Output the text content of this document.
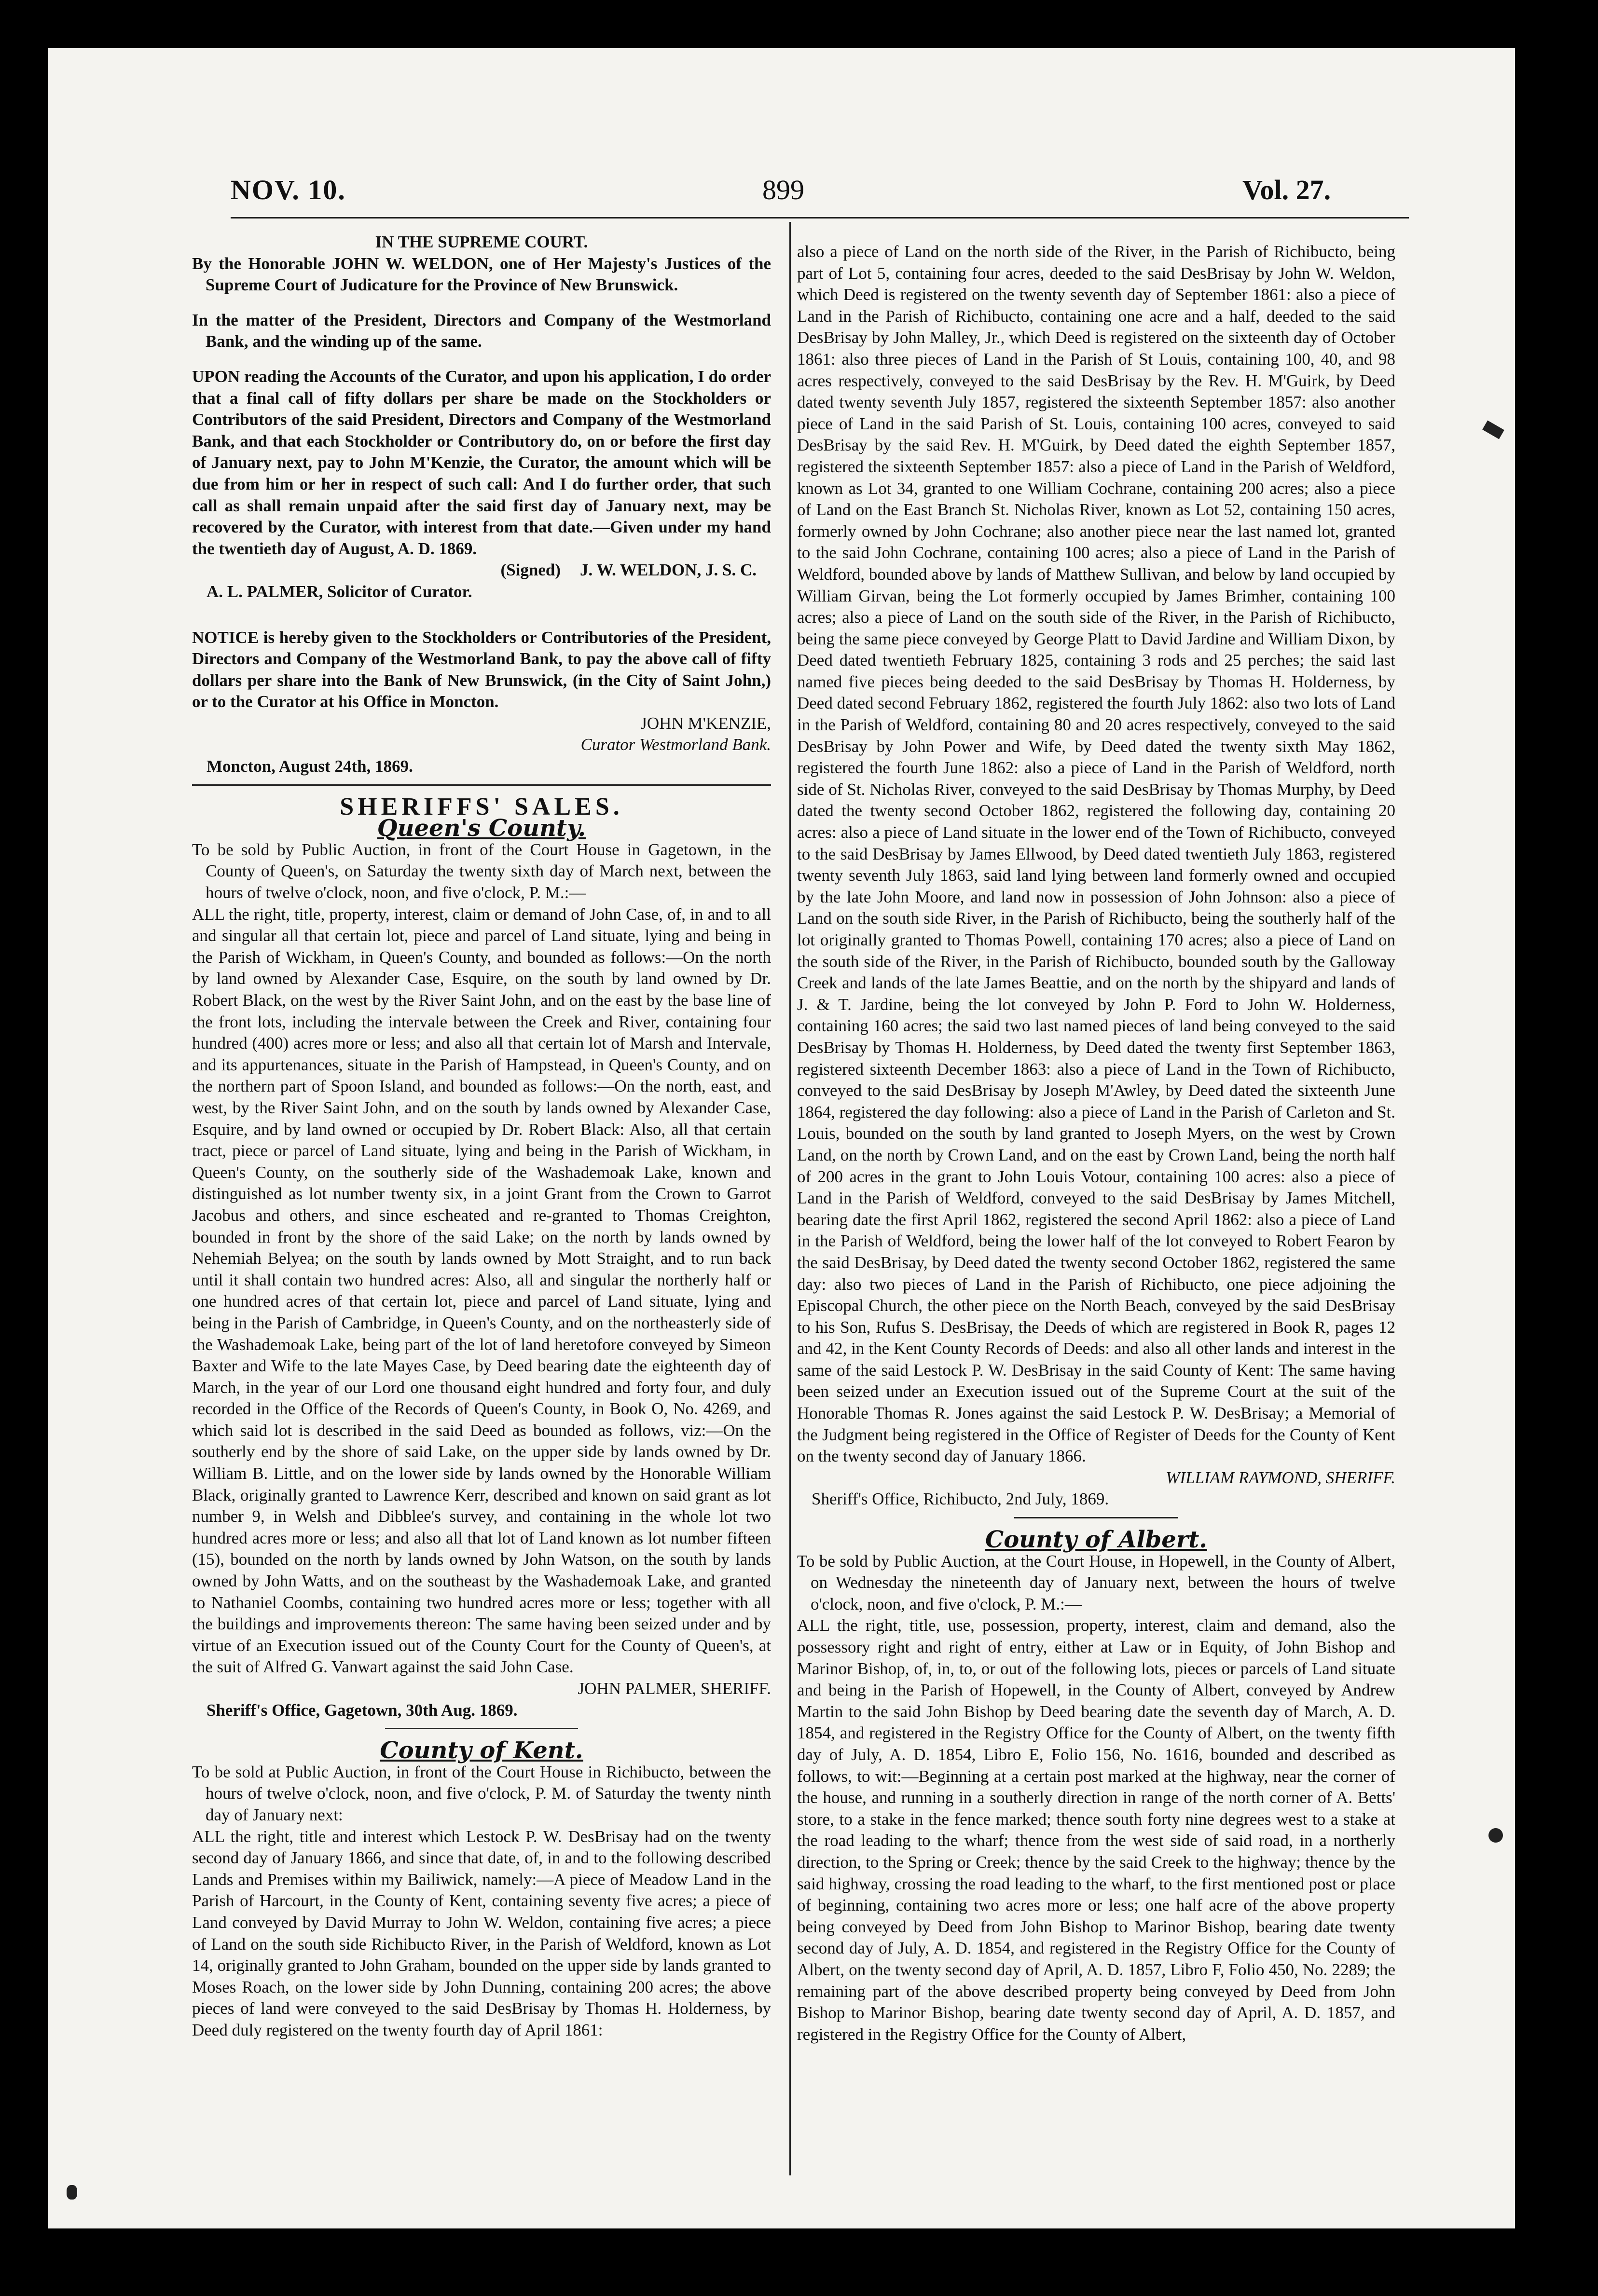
NOV. 10.	899	Vol. 27.

IN THE SUPREME COURT.

By the Honorable JOHN W. WELDON, one of Her Majesty's Justices of the Supreme Court of Judicature for the Province of New Brunswick.

In the matter of the President, Directors and Company of the Westmorland Bank, and the winding up of the same.

UPON reading the Accounts of the Curator, and upon his application, I do order that a final call of fifty dollars per share be made on the Stockholders or Contributors of the said President, Directors and Company of the Westmorland Bank, and that each Stockholder or Contributory do, on or before the first day of January next, pay to John M'Kenzie, the Curator, the amount which will be due from him or her in respect of such call: And I do further order, that such call as shall remain unpaid after the said first day of January next, may be recovered by the Curator, with interest from that date.—Given under my hand the twentieth day of August, A. D. 1869.

(Signed) J. W. WELDON, J. S. C.

A. L. PALMER, Solicitor of Curator.

NOTICE is hereby given to the Stockholders or Contributories of the President, Directors and Company of the Westmorland Bank, to pay the above call of fifty dollars per share into the Bank of New Brunswick, (in the City of Saint John,) or to the Curator at his Office in Moncton.

JOHN M'KENZIE,

Curator Westmorland Bank.

Moncton, August 24th, 1869.

SHERIFFS' SALES.

Queen's County.

To be sold by Public Auction, in front of the Court House in Gagetown, in the County of Queen's, on Saturday the twenty sixth day of March next, between the hours of twelve o'clock, noon, and five o'clock, P. M.:—

ALL the right, title, property, interest, claim or demand of John Case, of, in and to all and singular all that certain lot, piece and parcel of Land situate, lying and being in the Parish of Wickham, in Queen's County, and bounded as follows:—On the north by land owned by Alexander Case, Esquire, on the south by land owned by Dr. Robert Black, on the west by the River Saint John, and on the east by the base line of the front lots, including the intervale between the Creek and River, containing four hundred (400) acres more or less; and also all that certain lot of Marsh and Intervale, and its appurtenances, situate in the Parish of Hampstead, in Queen's County, and on the northern part of Spoon Island, and bounded as follows:—On the north, east, and west, by the River Saint John, and on the south by lands owned by Alexander Case, Esquire, and by land owned or occupied by Dr. Robert Black: Also, all that certain tract, piece or parcel of Land situate, lying and being in the Parish of Wickham, in Queen's County, on the southerly side of the Washademoak Lake, known and distinguished as lot number twenty six, in a joint Grant from the Crown to Garrot Jacobus and others, and since escheated and re-granted to Thomas Creighton, bounded in front by the shore of the said Lake; on the north by lands owned by Nehemiah Belyea; on the south by lands owned by Mott Straight, and to run back until it shall contain two hundred acres: Also, all and singular the northerly half or one hundred acres of that certain lot, piece and parcel of Land situate, lying and being in the Parish of Cambridge, in Queen's County, and on the northeasterly side of the Washademoak Lake, being part of the lot of land heretofore conveyed by Simeon Baxter and Wife to the late Mayes Case, by Deed bearing date the eighteenth day of March, in the year of our Lord one thousand eight hundred and forty four, and duly recorded in the Office of the Records of Queen's County, in Book O, No. 4269, and which said lot is described in the said Deed as bounded as follows, viz:—On the southerly end by the shore of said Lake, on the upper side by lands owned by Dr. William B. Little, and on the lower side by lands owned by the Honorable William Black, originally granted to Lawrence Kerr, described and known on said grant as lot number 9, in Welsh and Dibblee's survey, and containing in the whole lot two hundred acres more or less; and also all that lot of Land known as lot number fifteen (15), bounded on the north by lands owned by John Watson, on the south by lands owned by John Watts, and on the southeast by the Washademoak Lake, and granted to Nathaniel Coombs, containing two hundred acres more or less; together with all the buildings and improvements thereon: The same having been seized under and by virtue of an Execution issued out of the County Court for the County of Queen's, at the suit of Alfred G. Vanwart against the said John Case.

JOHN PALMER, SHERIFF.

Sheriff's Office, Gagetown, 30th Aug. 1869.

County of Kent.

To be sold at Public Auction, in front of the Court House in Richibucto, between the hours of twelve o'clock, noon, and five o'clock, P. M. of Saturday the twenty ninth day of January next:

ALL the right, title and interest which Lestock P. W. DesBrisay had on the twenty second day of January 1866, and since that date, of, in and to the following described Lands and Premises within my Bailiwick, namely:—A piece of Meadow Land in the Parish of Harcourt, in the County of Kent, containing seventy five acres; a piece of Land conveyed by David Murray to John W. Weldon, containing five acres; a piece of Land on the south side Richibucto River, in the Parish of Weldford, known as Lot 14, originally granted to John Graham, bounded on the upper side by lands granted to Moses Roach, on the lower side by John Dunning, containing 200 acres; the above pieces of land were conveyed to the said DesBrisay by Thomas H. Holderness, by Deed duly registered on the twenty fourth day of April 1861:

also a piece of Land on the north side of the River, in the Parish of Richibucto, being part of Lot 5, containing four acres, deeded to the said DesBrisay by John W. Weldon, which Deed is registered on the twenty seventh day of September 1861: also a piece of Land in the Parish of Richibucto, containing one acre and a half, deeded to the said DesBrisay by John Malley, Jr., which Deed is registered on the sixteenth day of October 1861: also three pieces of Land in the Parish of St Louis, containing 100, 40, and 98 acres respectively, conveyed to the said DesBrisay by the Rev. H. M'Guirk, by Deed dated twenty seventh July 1857, registered the sixteenth September 1857: also another piece of Land in the said Parish of St. Louis, containing 100 acres, conveyed to said DesBrisay by the said Rev. H. M'Guirk, by Deed dated the eighth September 1857, registered the sixteenth September 1857: also a piece of Land in the Parish of Weldford, known as Lot 34, granted to one William Cochrane, containing 200 acres; also a piece of Land on the East Branch St. Nicholas River, known as Lot 52, containing 150 acres, formerly owned by John Cochrane; also another piece near the last named lot, granted to the said John Cochrane, containing 100 acres; also a piece of Land in the Parish of Weldford, bounded above by lands of Matthew Sullivan, and below by land occupied by William Girvan, being the Lot formerly occupied by James Brimher, containing 100 acres; also a piece of Land on the south side of the River, in the Parish of Richibucto, being the same piece conveyed by George Platt to David Jardine and William Dixon, by Deed dated twentieth February 1825, containing 3 rods and 25 perches; the said last named five pieces being deeded to the said DesBrisay by Thomas H. Holderness, by Deed dated second February 1862, registered the fourth July 1862: also two lots of Land in the Parish of Weldford, containing 80 and 20 acres respectively, conveyed to the said DesBrisay by John Power and Wife, by Deed dated the twenty sixth May 1862, registered the fourth June 1862: also a piece of Land in the Parish of Weldford, north side of St. Nicholas River, conveyed to the said DesBrisay by Thomas Murphy, by Deed dated the twenty second October 1862, registered the following day, containing 20 acres: also a piece of Land situate in the lower end of the Town of Richibucto, conveyed to the said DesBrisay by James Ellwood, by Deed dated twentieth July 1863, registered twenty seventh July 1863, said land lying between land formerly owned and occupied by the late John Moore, and land now in possession of John Johnson: also a piece of Land on the south side River, in the Parish of Richibucto, being the southerly half of the lot originally granted to Thomas Powell, containing 170 acres; also a piece of Land on the south side of the River, in the Parish of Richibucto, bounded south by the Galloway Creek and lands of the late James Beattie, and on the north by the shipyard and lands of J. & T. Jardine, being the lot conveyed by John P. Ford to John W. Holderness, containing 160 acres; the said two last named pieces of land being conveyed to the said DesBrisay by Thomas H. Holderness, by Deed dated the twenty first September 1863, registered sixteenth December 1863: also a piece of Land in the Town of Richibucto, conveyed to the said DesBrisay by Joseph M'Awley, by Deed dated the sixteenth June 1864, registered the day following: also a piece of Land in the Parish of Carleton and St. Louis, bounded on the south by land granted to Joseph Myers, on the west by Crown Land, on the north by Crown Land, and on the east by Crown Land, being the north half of 200 acres in the grant to John Louis Votour, containing 100 acres: also a piece of Land in the Parish of Weldford, conveyed to the said DesBrisay by James Mitchell, bearing date the first April 1862, registered the second April 1862: also a piece of Land in the Parish of Weldford, being the lower half of the lot conveyed to Robert Fearon by the said DesBrisay, by Deed dated the twenty second October 1862, registered the same day: also two pieces of Land in the Parish of Richibucto, one piece adjoining the Episcopal Church, the other piece on the North Beach, conveyed by the said DesBrisay to his Son, Rufus S. DesBrisay, the Deeds of which are registered in Book R, pages 12 and 42, in the Kent County Records of Deeds: and also all other lands and interest in the same of the said Lestock P. W. DesBrisay in the said County of Kent: The same having been seized under an Execution issued out of the Supreme Court at the suit of the Honorable Thomas R. Jones against the said Lestock P. W. DesBrisay; a Memorial of the Judgment being registered in the Office of Register of Deeds for the County of Kent on the twenty second day of January 1866.

WILLIAM RAYMOND, SHERIFF.

Sheriff's Office, Richibucto, 2nd July, 1869.

County of Albert.

To be sold by Public Auction, at the Court House, in Hopewell, in the County of Albert, on Wednesday the nineteenth day of January next, between the hours of twelve o'clock, noon, and five o'clock, P. M.:—

ALL the right, title, use, possession, property, interest, claim and demand, also the possessory right and right of entry, either at Law or in Equity, of John Bishop and Marinor Bishop, of, in, to, or out of the following lots, pieces or parcels of Land situate and being in the Parish of Hopewell, in the County of Albert, conveyed by Andrew Martin to the said John Bishop by Deed bearing date the seventh day of March, A. D. 1854, and registered in the Registry Office for the County of Albert, on the twenty fifth day of July, A. D. 1854, Libro E, Folio 156, No. 1616, bounded and described as follows, to wit:—Beginning at a certain post marked at the highway, near the corner of the house, and running in a southerly direction in range of the north corner of A. Betts' store, to a stake in the fence marked; thence south forty nine degrees west to a stake at the road leading to the wharf; thence from the west side of said road, in a northerly direction, to the Spring or Creek; thence by the said Creek to the highway; thence by the said highway, crossing the road leading to the wharf, to the first mentioned post or place of beginning, containing two acres more or less; one half acre of the above property being conveyed by Deed from John Bishop to Marinor Bishop, bearing date twenty second day of July, A. D. 1854, and registered in the Registry Office for the County of Albert, on the twenty second day of April, A. D. 1857, Libro F, Folio 450, No. 2289; the remaining part of the above described property being conveyed by Deed from John Bishop to Marinor Bishop, bearing date twenty second day of April, A. D. 1857, and registered in the Registry Office for the County of Albert,
